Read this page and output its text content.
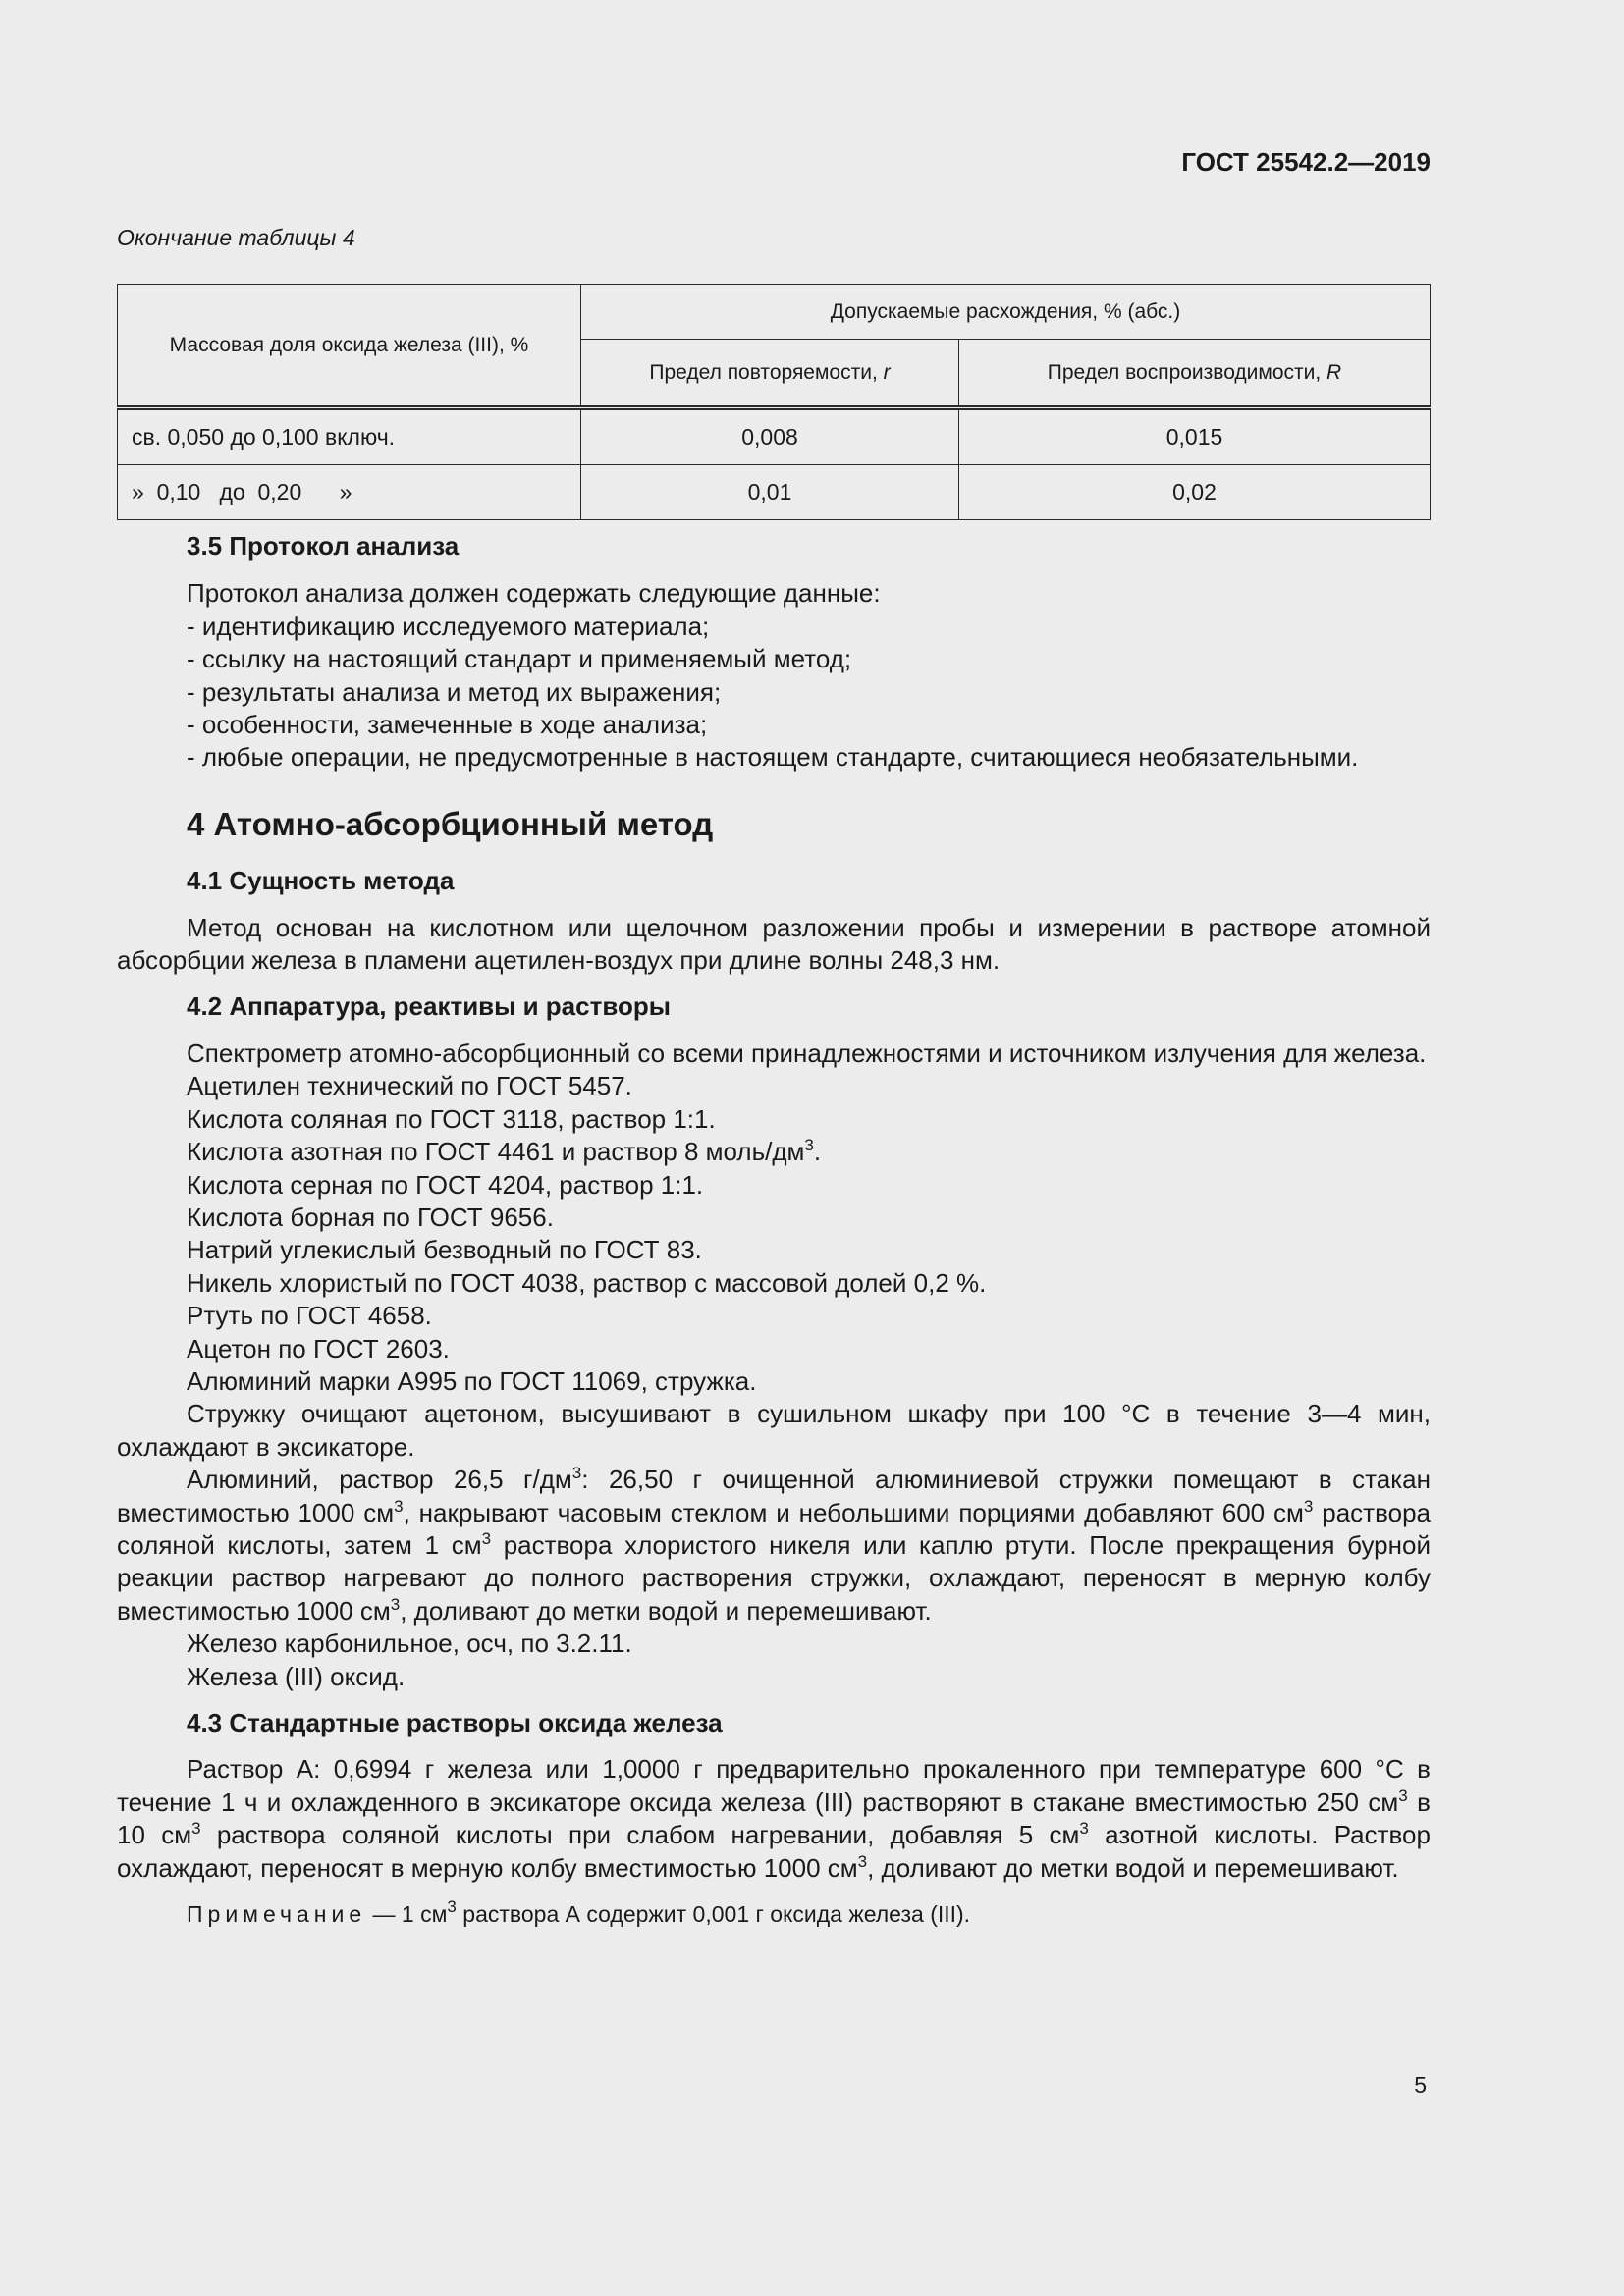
ГОСТ 25542.2—2019
Окончание таблицы 4
Массовая доля оксида железа (III), %	Допускаемые расхождения, % (абс.)	
	Предел повторяемости, r	Предел воспроизводимости, R
св. 0,050 до 0,100 включ.	0,008	0,015
»  0,10   до  0,20      »	0,01	0,02

3.5 Протокол анализа

Протокол анализа должен содержать следующие данные:

- идентификацию исследуемого материала;

- ссылку на настоящий стандарт и применяемый метод;

- результаты анализа и метод их выражения;

- особенности, замеченные в ходе анализа;

- любые операции, не предусмотренные в настоящем стандарте, считающиеся необязательными.

4 Атомно-абсорбционный метод

4.1 Сущность метода

Метод основан на кислотном или щелочном разложении пробы и измерении в растворе атомной абсорбции железа в пламени ацетилен-воздух при длине волны 248,3 нм.

4.2 Аппаратура, реактивы и растворы

Спектрометр атомно-абсорбционный со всеми принадлежностями и источником излучения для железа.

Ацетилен технический по ГОСТ 5457.

Кислота соляная по ГОСТ 3118, раствор 1:1.

Кислота азотная по ГОСТ 4461 и раствор 8 моль/$дм^3$.

Кислота серная по ГОСТ 4204, раствор 1:1.

Кислота борная по ГОСТ 9656.

Натрий углекислый безводный по ГОСТ 83.

Никель хлористый по ГОСТ 4038, раствор с массовой долей 0,2 %.

Ртуть по ГОСТ 4658.

Ацетон по ГОСТ 2603.

Алюминий марки А995 по ГОСТ 11069, стружка.

Стружку очищают ацетоном, высушивают в сушильном шкафу при 100 °С в течение 3—4 мин, охлаждают в эксикаторе.

Алюминий, раствор 26,5 $г/дм^3$: 26,50 г очищенной алюминиевой стружки помещают в стакан вместимостью 1000 $см^3$, накрывают часовым стеклом и небольшими порциями добавляют 600 $см^3$ раствора соляной кислоты, затем 1 $см^3$ раствора хлористого никеля или каплю ртути. После прекращения бурной реакции раствор нагревают до полного растворения стружки, охлаждают, переносят в мерную колбу вместимостью 1000 $см^3$, доливают до метки водой и перемешивают.

Железо карбонильное, осч, по 3.2.11.

Железа (III) оксид.

4.3 Стандартные растворы оксида железа

Раствор А: 0,6994 г железа или 1,0000 г предварительно прокаленного при температуре 600 °С в течение 1 ч и охлажденного в эксикаторе оксида железа (III) растворяют в стакане вместимостью 250 $см^3$ в 10 $см^3$ раствора соляной кислоты при слабом нагревании, добавляя 5 $см^3$ азотной кислоты. Раствор охлаждают, переносят в мерную колбу вместимостью 1000 $см^3$, доливают до метки водой и перемешивают.

Примечание — 1 $см^3$ раствора А содержит 0,001 г оксида железа (III).

5
